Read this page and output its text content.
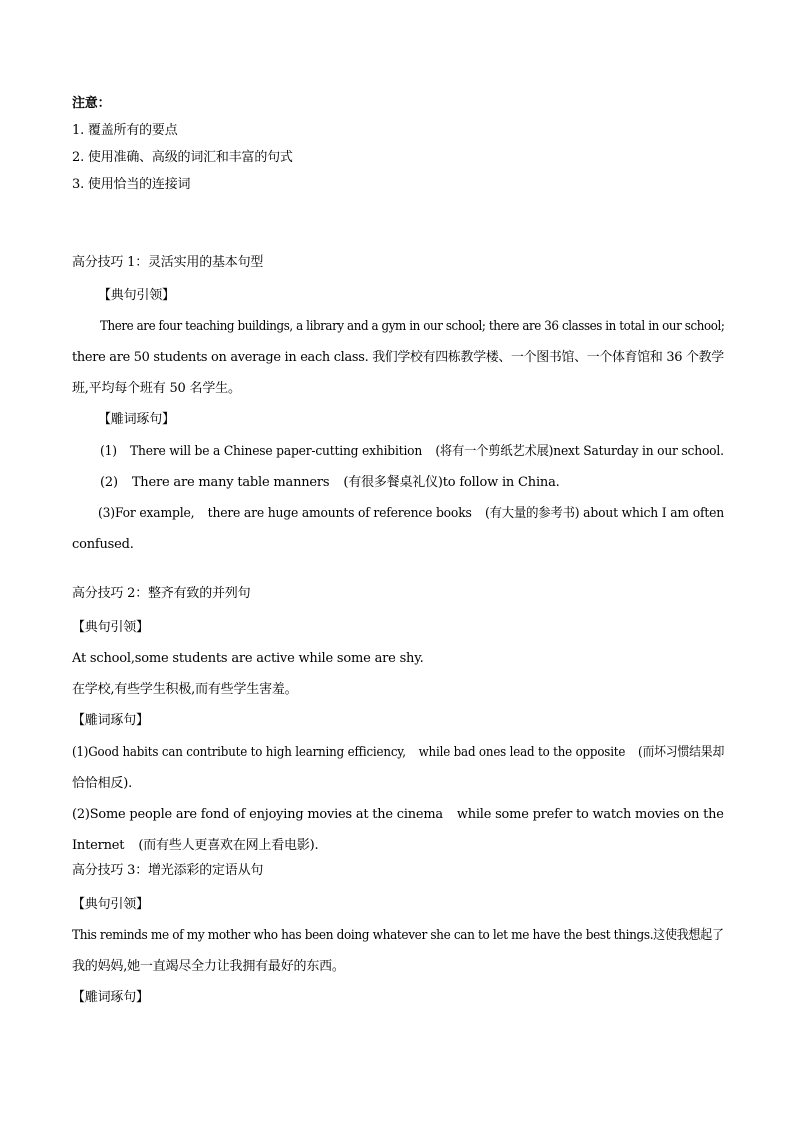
注意：
1. 覆盖所有的要点
2. 使用准确、高级的词汇和丰富的句式
3. 使用恰当的连接词
高分技巧 1：灵活实用的基本句型
【典句引领】
There are four teaching buildings, a library and a gym in our school; there are 36 classes in total in our school;
there are 50 students on average in each class. 我们学校有四栋教学楼、一个图书馆、一个体育馆和 36 个教学
班,平均每个班有 50 名学生。
【雕词琢句】
(1) There will be a Chinese paper-cutting exhibition (将有一个剪纸艺术展)next Saturday in our school.
(2) There are many table manners (有很多餐桌礼仪)to follow in China.
(3)For example, there are huge amounts of reference books (有大量的参考书) about which I am often
confused.
高分技巧 2：整齐有致的并列句
【典句引领】
At school,some students are active while some are shy.
在学校,有些学生积极,而有些学生害羞。
【雕词琢句】
(1)Good habits can contribute to high learning efficiency, while bad ones lead to the opposite (而坏习惯结果却
恰恰相反).
(2)Some people are fond of enjoying movies at the cinema while some prefer to watch movies on the
Internet (而有些人更喜欢在网上看电影).
高分技巧 3：增光添彩的定语从句
【典句引领】
This reminds me of my mother who has been doing whatever she can to let me have the best things.这使我想起了
我的妈妈,她一直竭尽全力让我拥有最好的东西。
【雕词琢句】
